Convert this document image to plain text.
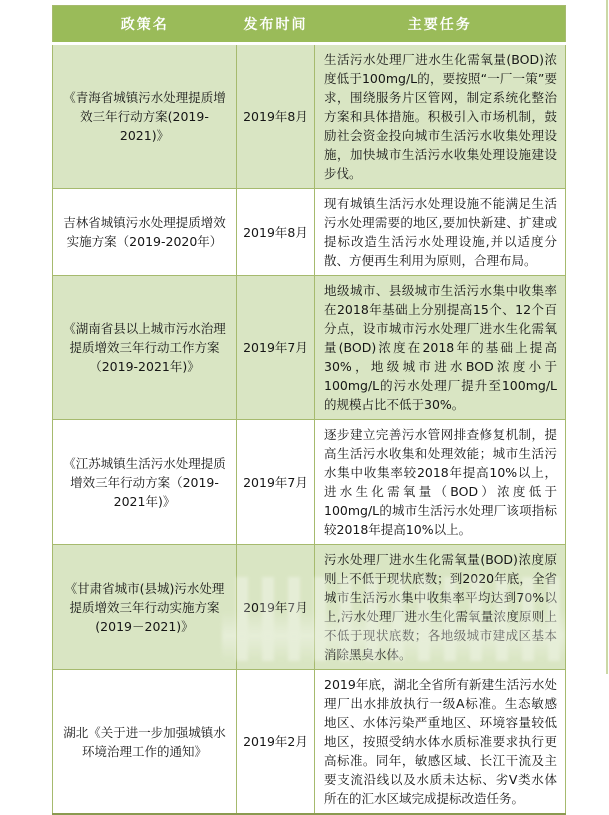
政策名	发布时间	主要任务
《青海省城镇污水处理提质增效三年行动方案(2019-2021)》	2019年8月	生活污水处理厂进水生化需氧量(BOD)浓度低于100mg/L的，要按照“一厂一策”要求，围绕服务片区管网，制定系统化整治方案和具体措施。积极引入市场机制，鼓励社会资金投向城市生活污水收集处理设施，加快城市生活污水收集处理设施建设步伐。
吉林省城镇污水处理提质增效实施方案（2019-2020年）	2019年8月	现有城镇生活污水处理设施不能满足生活污水处理需要的地区,要加快新建、扩建或提标改造生活污水处理设施,并以适度分散、方便再生利用为原则，合理布局。
《湖南省县以上城市污水治理提质增效三年行动工作方案（2019-2021年)》	2019年7月	地级城市、县级城市生活污水集中收集率在2018年基础上分别提高15个、12个百分点，设市城市污水处理厂进水生化需氧量(BOD)浓度在2018年的基础上提高30%，地级城市进水BOD浓度小于100mg/L的污水处理厂提升至100mg/L的规模占比不低于30%。
《江苏城镇生活污水处理提质增效三年行动方案（2019-2021年)》	2019年7月	逐步建立完善污水管网排查修复机制，提高生活污水收集和处理效能；城市生活污水集中收集率较2018年提高10%以上，进水生化需氧量（BOD）浓度低于100mg/L的城市生活污水处理厂该项指标较2018年提高10%以上。
《甘肃省城市(县城)污水处理提质增效三年行动实施方案(2019－2021)》	2019年7月	污水处理厂进水生化需氧量(BOD)浓度原则上不低于现状底数；到2020年底，全省城市生活污水集中收集率平均达到70%以上,污水处理厂进水生化需氧量浓度原则上不低于现状底数；各地级城市建成区基本消除黑臭水体。
湖北《关于进一步加强城镇水环境治理工作的通知》	2019年2月	2019年底，湖北全省所有新建生活污水处理厂出水排放执行一级A标准。生态敏感地区、水体污染严重地区、环境容量较低地区，按照受纳水体水质标准要求执行更高标准。同年，敏感区域、长江干流及主要支流沿线以及水质未达标、劣Ⅴ类水体所在的汇水区域完成提标改造任务。
